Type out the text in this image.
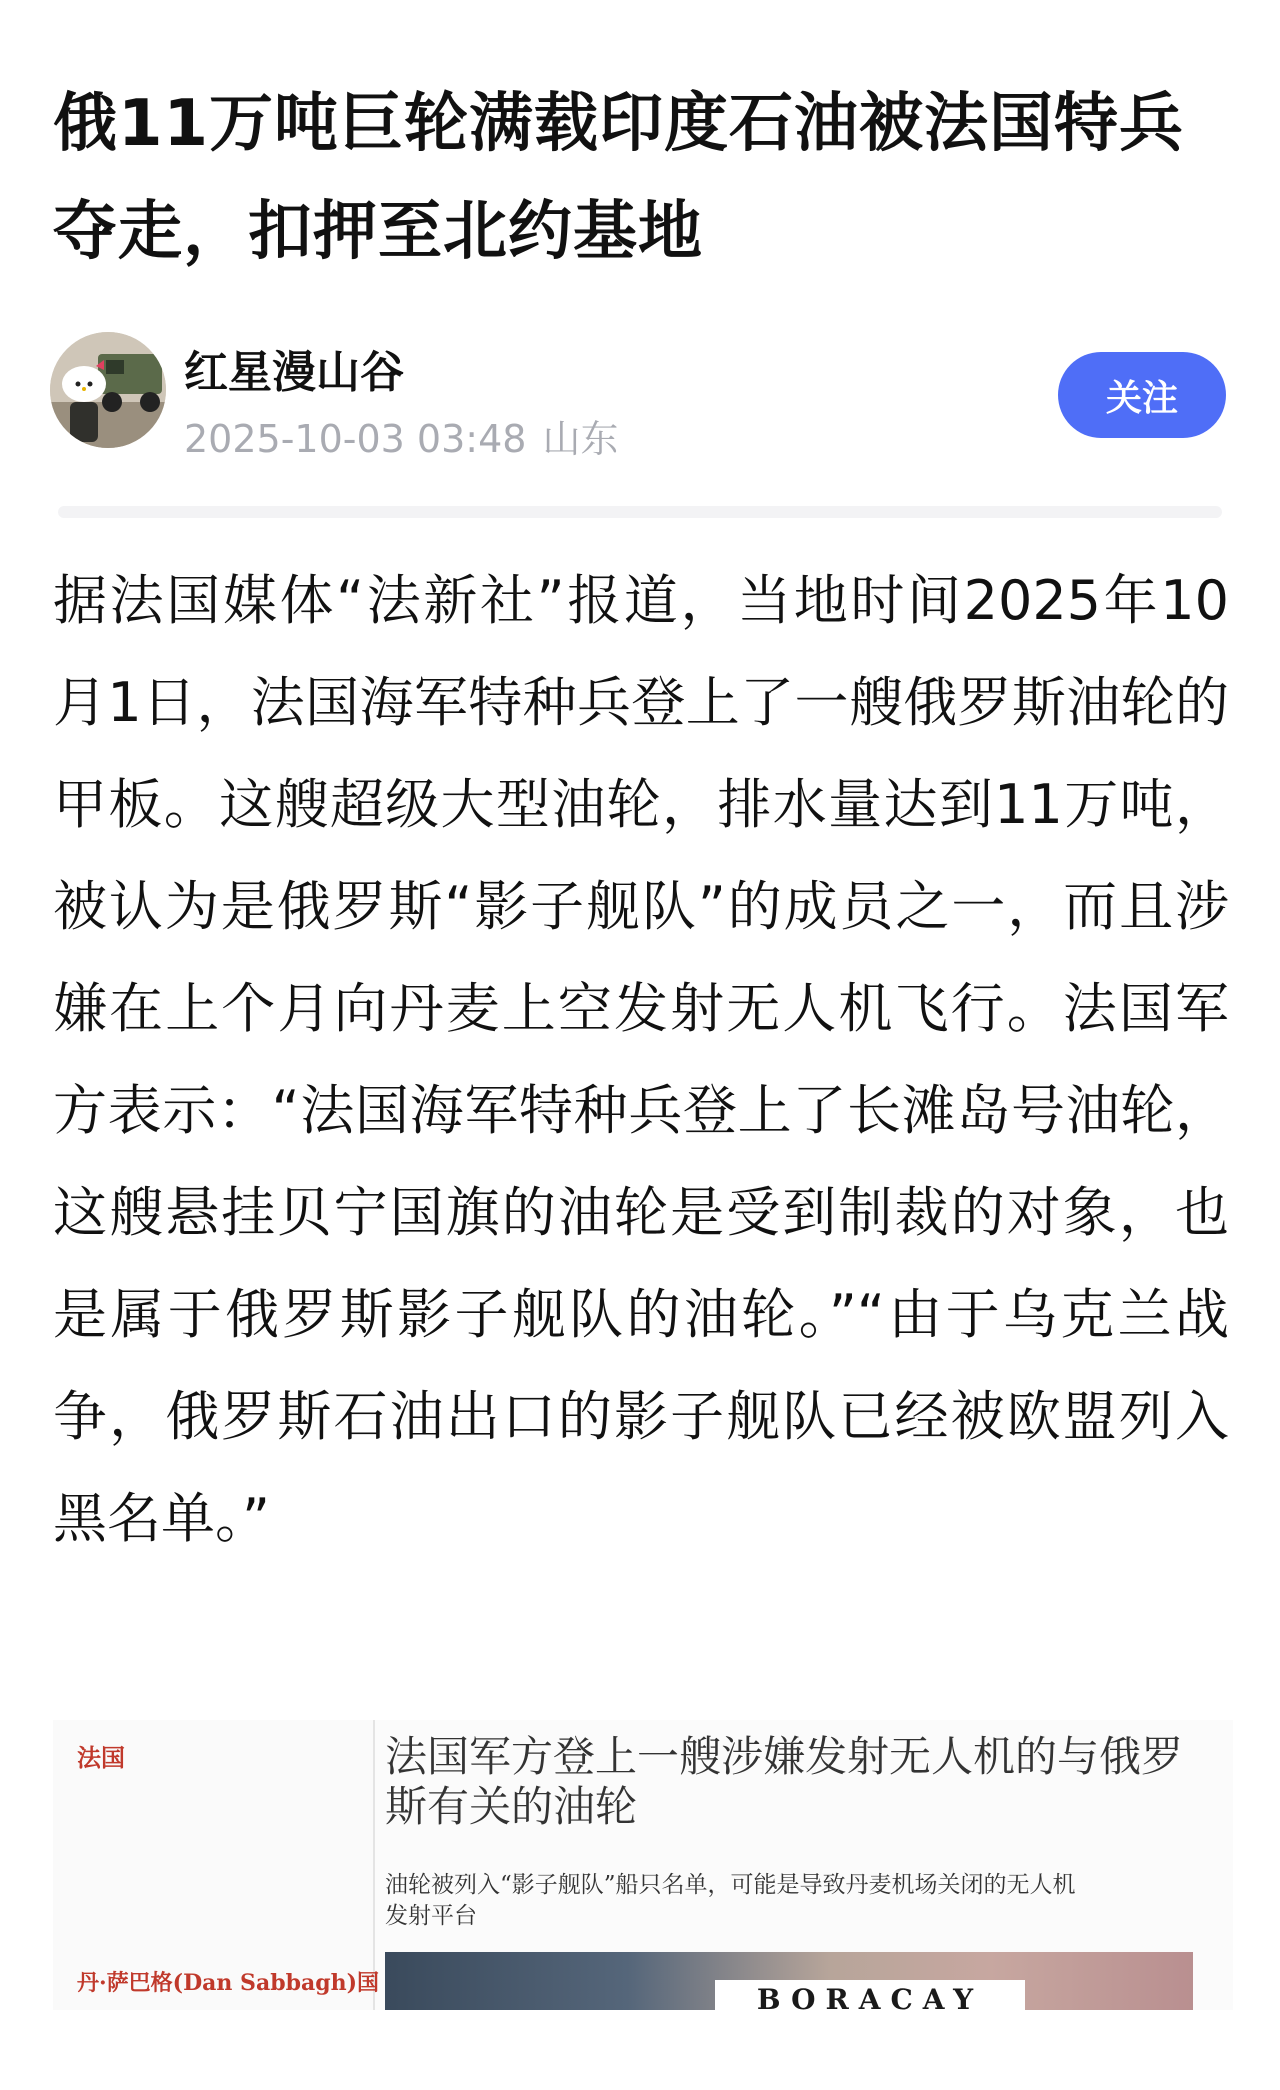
俄11万吨巨轮满载印度石油被法国特兵夺走，扣押至北约基地
红星漫山谷
2025-10-03 03:48 山东
关注

据法国媒体“法新社”报道，当地时间2025年10月1日，法国海军特种兵登上了一艘俄罗斯油轮的甲板。这艘超级大型油轮，排水量达到11万吨，被认为是俄罗斯“影子舰队”的成员之一，而且涉嫌在上个月向丹麦上空发射无人机飞行。法国军方表示：“法国海军特种兵登上了长滩岛号油轮，这艘悬挂贝宁国旗的油轮是受到制裁的对象，也是属于俄罗斯影子舰队的油轮。”“由于乌克兰战争，俄罗斯石油出口的影子舰队已经被欧盟列入黑名单。”

法国
丹·萨巴格(Dan Sabbagh)国
法国军方登上一艘涉嫌发射无人机的与俄罗斯有关的油轮
油轮被列入“影子舰队”船只名单，可能是导致丹麦机场关闭的无人机发射平台
BORACAY
